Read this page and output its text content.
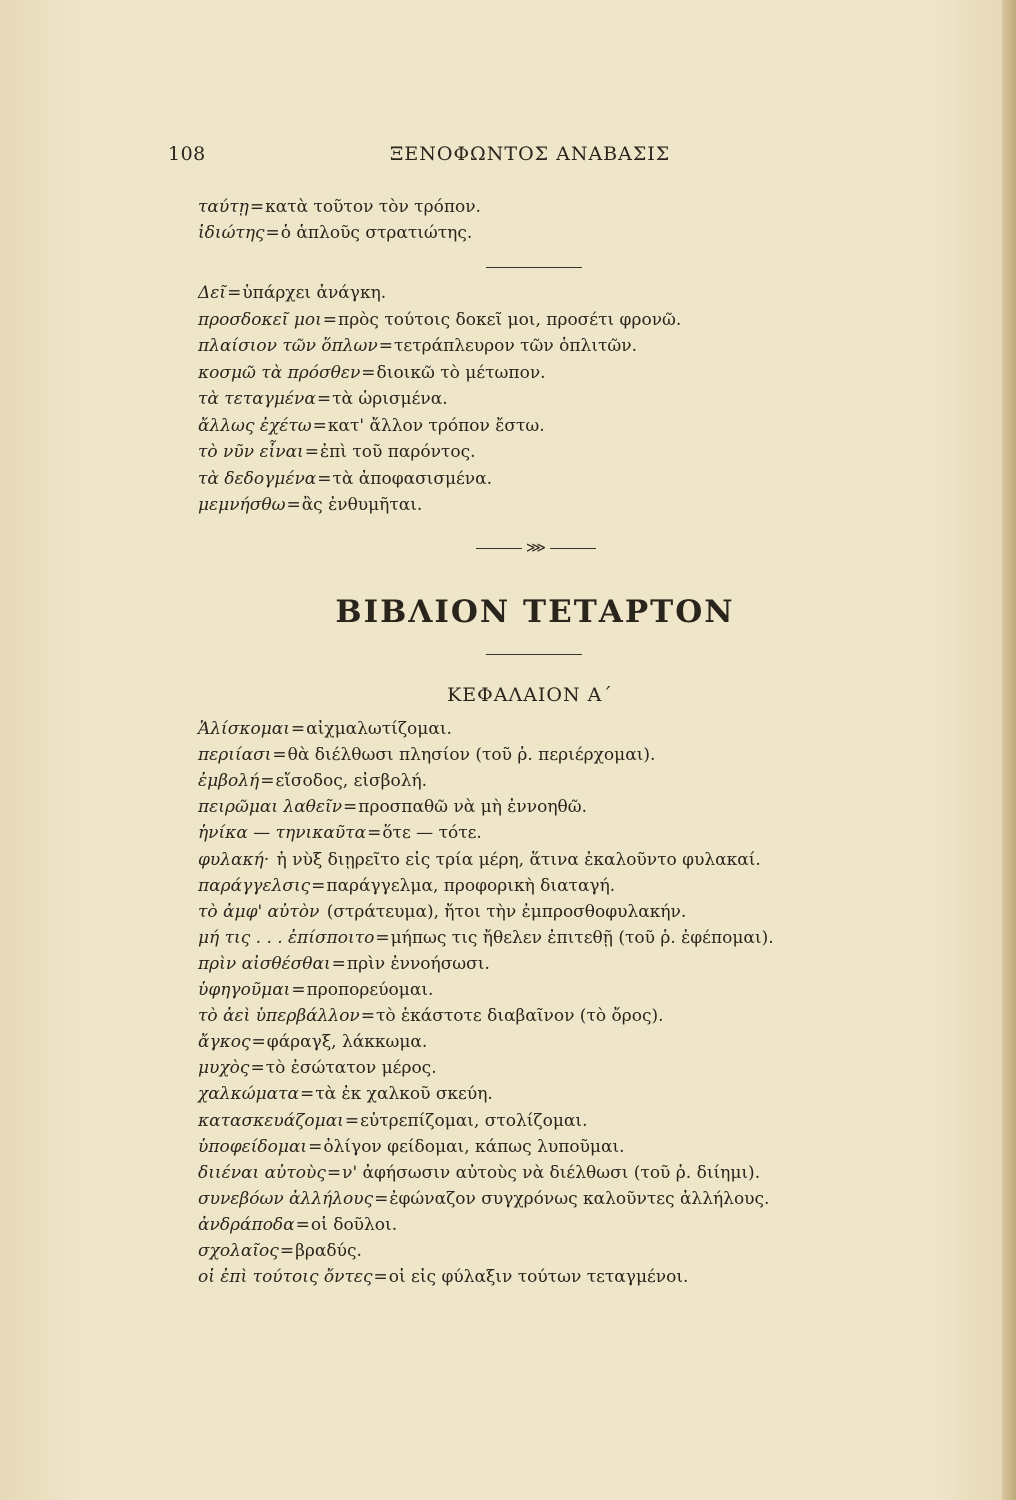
108	ΞΕΝΟΦΩΝΤΟΣ ΑΝΑΒΑΣΙΣ
ταύτῃ=κατὰ τοῦτον τὸν τρόπον.
ἰδιώτης=ὁ ἁπλοῦς στρατιώτης.
Δεῖ=ὑπάρχει ἀνάγκη.
προσδοκεῖ μοι=πρὸς τούτοις δοκεῖ μοι, προσέτι φρονῶ.
πλαίσιον τῶν ὅπλων=τετράπλευρον τῶν ὁπλιτῶν.
κοσμῶ τὰ πρόσθεν=διοικῶ τὸ μέτωπον.
τὰ τεταγμένα=τὰ ὡρισμένα.
ἄλλως ἐχέτω=κατ' ἄλλον τρόπον ἔστω.
τὸ νῦν εἶναι=ἐπὶ τοῦ παρόντος.
τὰ δεδογμένα=τὰ ἀποφασισμένα.
μεμνήσθω=ἂς ἐνθυμῆται.
⋙
ΒΙΒΛΙΟΝ ΤΕΤΑΡΤΟΝ
ΚΕΦΑΛΑΙΟΝ Α΄
Ἁλίσκομαι=αἰχμαλωτίζομαι.
περιίασι=θὰ διέλθωσι πλησίον (τοῦ ῥ. περιέρχομαι).
ἐμβολή=εἴσοδος, εἰσβολή.
πειρῶμαι λαθεῖν=προσπαθῶ νὰ μὴ ἐννοηθῶ.
ἡνίκα — τηνικαῦτα=ὅτε — τότε.
φυλακή· ἡ νὺξ διῃρεῖτο εἰς τρία μέρη, ἅτινα ἐκαλοῦντο φυλακαί.
παράγγελσις=παράγγελμα, προφορικὴ διαταγή.
τὸ ἀμφ' αὐτὸν (στράτευμα), ἤτοι τὴν ἐμπροσθοφυλακήν.
μή τις . . . ἐπίσποιτο=μήπως τις ἤθελεν ἐπιτεθῇ (τοῦ ῥ. ἐφέπομαι).
πρὶν αἰσθέσθαι=πρὶν ἐννοήσωσι.
ὑφηγοῦμαι=προπορεύομαι.
τὸ ἀεὶ ὑπερβάλλον=τὸ ἑκάστοτε διαβαῖνον (τὸ ὄρος).
ἄγκος=φάραγξ, λάκκωμα.
μυχὸς=τὸ ἐσώτατον μέρος.
χαλκώματα=τὰ ἐκ χαλκοῦ σκεύη.
κατασκευάζομαι=εὐτρεπίζομαι, στολίζομαι.
ὑποφείδομαι=ὀλίγον φείδομαι, κάπως λυποῦμαι.
διιέναι αὐτοὺς=ν' ἀφήσωσιν αὐτοὺς νὰ διέλθωσι (τοῦ ῥ. διίημι).
συνεβόων ἀλλήλους=ἐφώναζον συγχρόνως καλοῦντες ἀλλήλους.
ἀνδράποδα=οἱ δοῦλοι.
σχολαῖος=βραδύς.
οἱ ἐπὶ τούτοις ὄντες=οἱ εἰς φύλαξιν τούτων τεταγμένοι.
